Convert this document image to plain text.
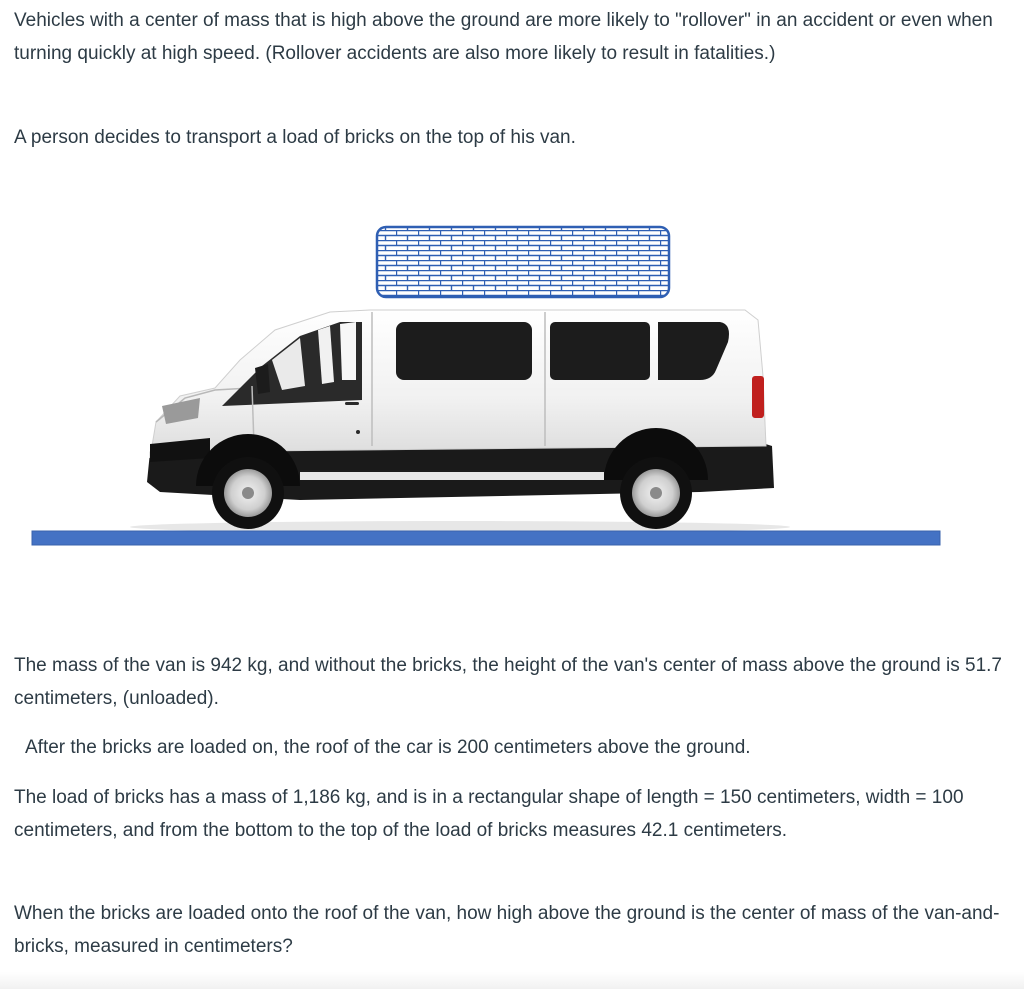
Vehicles with a center of mass that is high above the ground are more likely to "rollover" in an accident or even when turning quickly at high speed. (Rollover accidents are also more likely to result in fatalities.)

A person decides to transport a load of bricks on the top of his van.

The mass of the van is 942 kg, and without the bricks, the height of the van's center of mass above the ground is 51.7 centimeters, (unloaded).

After the bricks are loaded on, the roof of the car is 200 centimeters above the ground.

The load of bricks has a mass of 1,186 kg, and is in a rectangular shape of length = 150 centimeters, width = 100 centimeters, and from the bottom to the top of the load of bricks measures 42.1 centimeters.

When the bricks are loaded onto the roof of the van, how high above the ground is the center of mass of the van-and-bricks, measured in centimeters?
